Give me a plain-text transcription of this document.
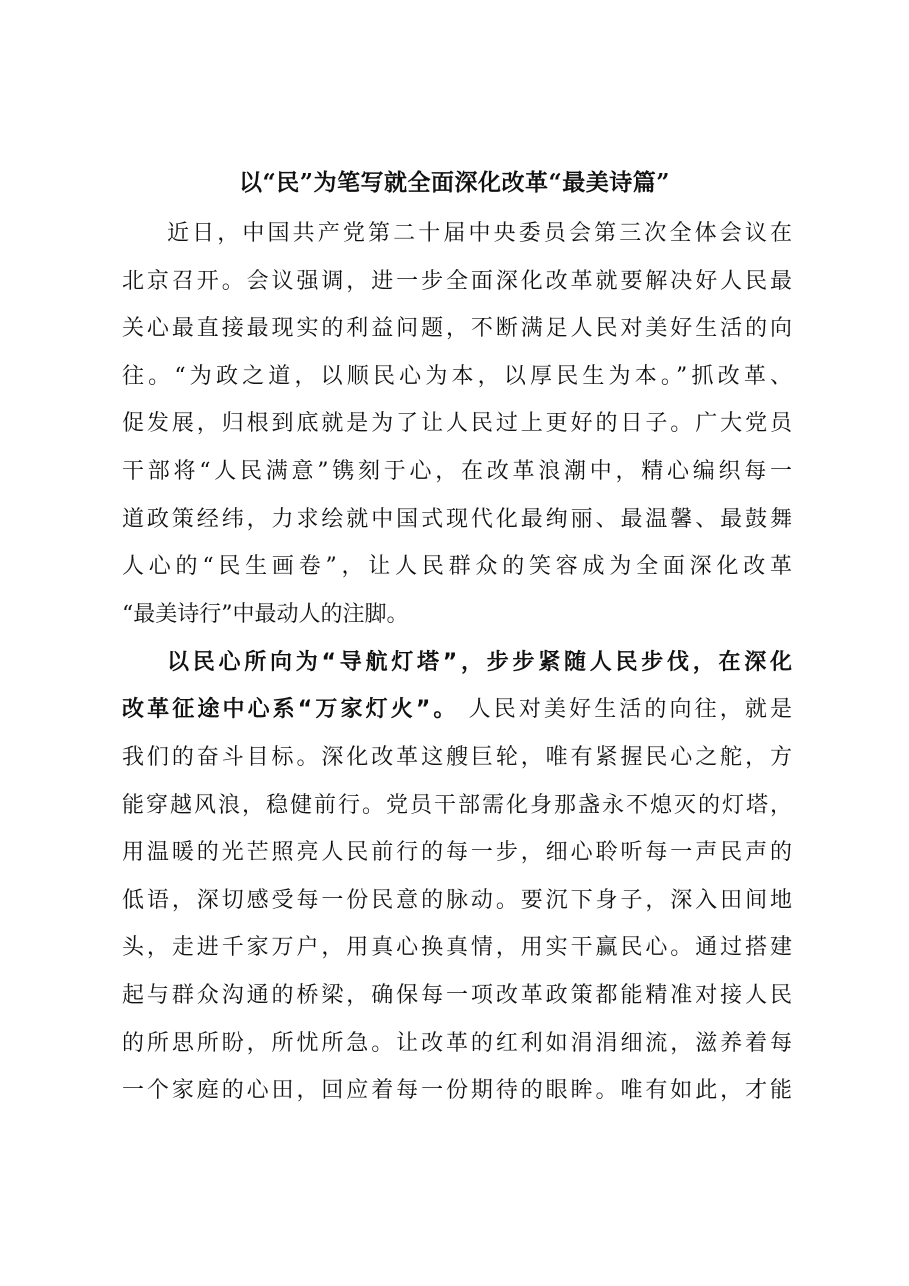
以“民”为笔写就全面深化改革“最美诗篇”
近日，中国共产党第二十届中央委员会第三次全体会议在
北京召开。会议强调，进一步全面深化改革就要解决好人民最
关心最直接最现实的利益问题，不断满足人民对美好生活的向
往。“为政之道，以顺民心为本，以厚民生为本。”抓改革、
促发展，归根到底就是为了让人民过上更好的日子。广大党员
干部将“人民满意”镌刻于心，在改革浪潮中，精心编织每一
道政策经纬，力求绘就中国式现代化最绚丽、最温馨、最鼓舞
人心的“民生画卷”，让人民群众的笑容成为全面深化改革
“最美诗行”中最动人的注脚。
以民心所向为“导航灯塔”，步步紧随人民步伐，在深化
改革征途中心系“万家灯火”。 人民对美好生活的向往，就是
我们的奋斗目标。深化改革这艘巨轮，唯有紧握民心之舵，方
能穿越风浪，稳健前行。党员干部需化身那盏永不熄灭的灯塔，
用温暖的光芒照亮人民前行的每一步，细心聆听每一声民声的
低语，深切感受每一份民意的脉动。要沉下身子，深入田间地
头，走进千家万户，用真心换真情，用实干赢民心。通过搭建
起与群众沟通的桥梁，确保每一项改革政策都能精准对接人民
的所思所盼，所忧所急。让改革的红利如涓涓细流，滋养着每
一个家庭的心田，回应着每一份期待的眼眸。唯有如此，才能
